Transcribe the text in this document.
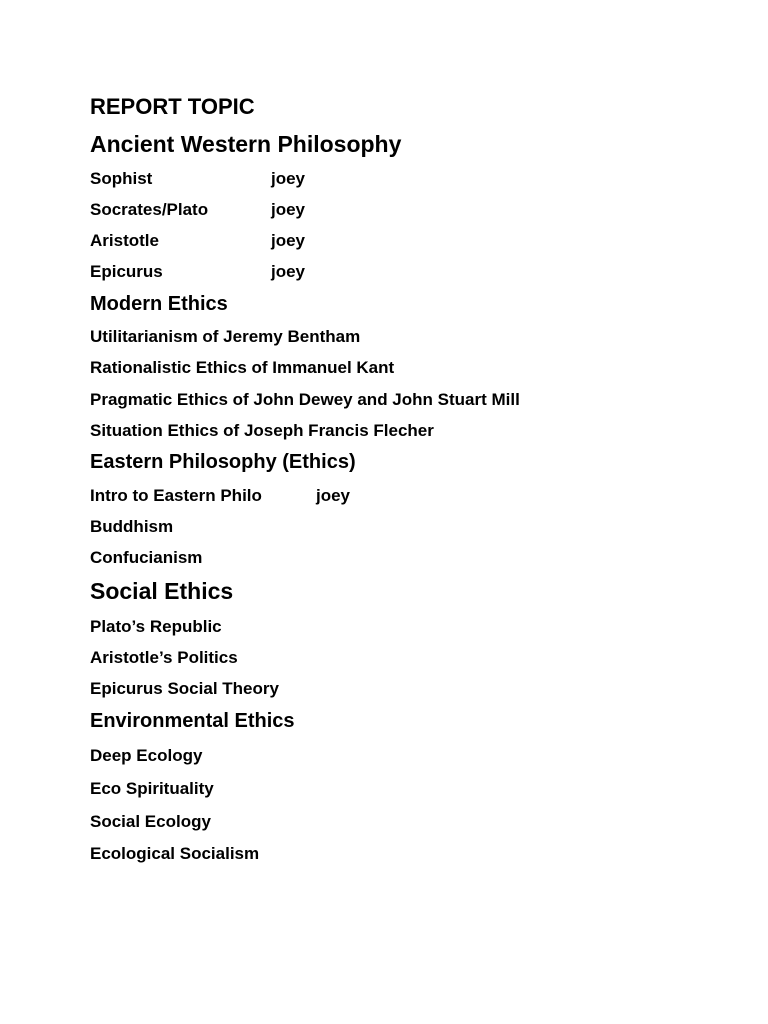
REPORT TOPIC
Ancient Western Philosophy
Sophist	joey
Socrates/Plato	joey
Aristotle	joey
Epicurus	joey
Modern Ethics
Utilitarianism of Jeremy Bentham
Rationalistic Ethics of Immanuel Kant
Pragmatic Ethics of John Dewey and John Stuart Mill
Situation Ethics of Joseph Francis Flecher
Eastern Philosophy (Ethics)
Intro to Eastern Philo	joey
Buddhism
Confucianism
Social Ethics
Plato’s Republic
Aristotle’s Politics
Epicurus Social Theory
Environmental Ethics
Deep Ecology
Eco Spirituality
Social Ecology
Ecological Socialism
